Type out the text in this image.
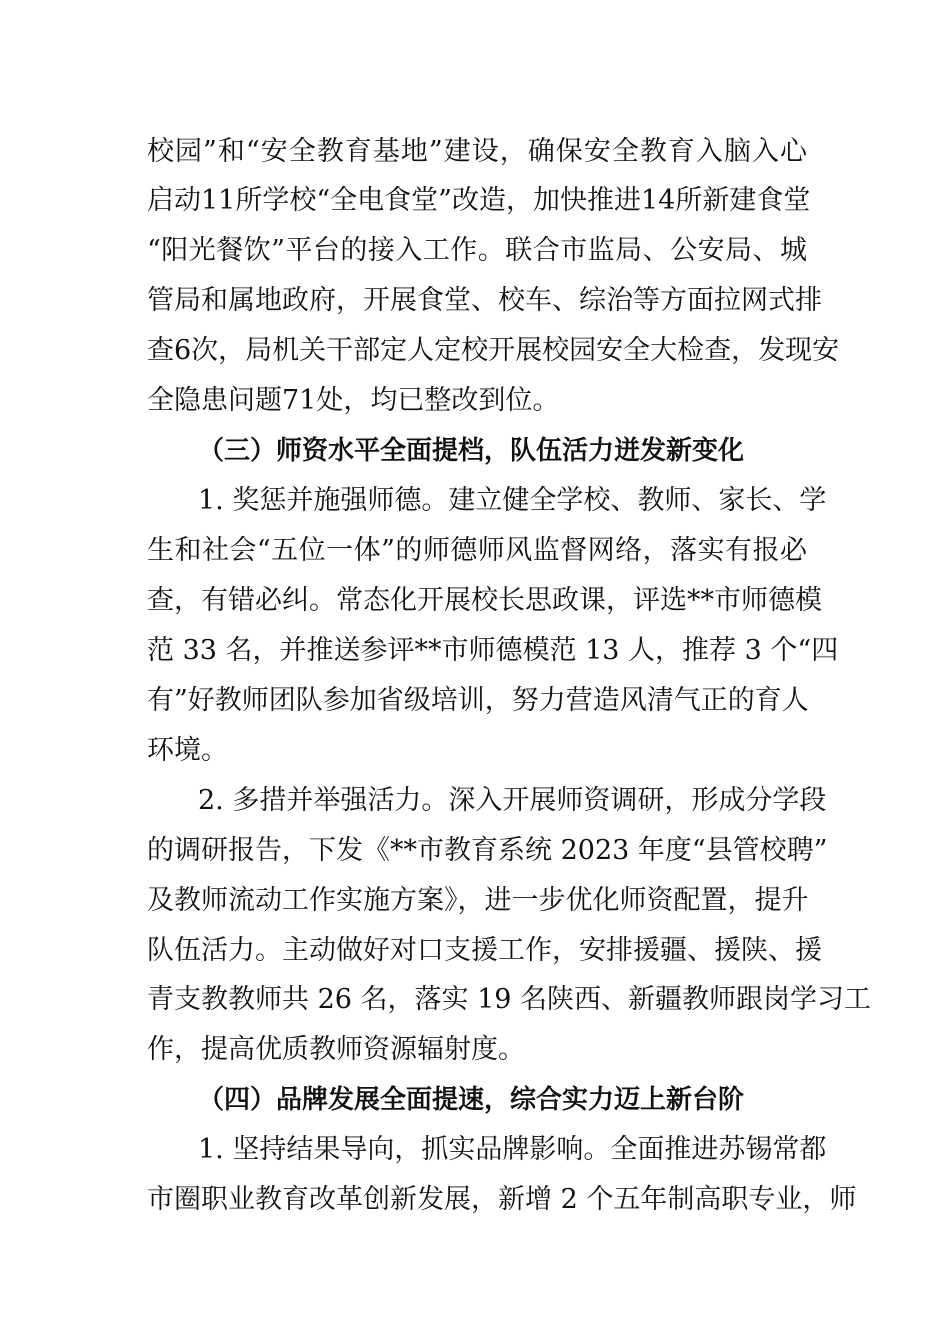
校园”和“安全教育基地”建设，确保安全教育入脑入心
启动11所学校“全电食堂”改造，加快推进14所新建食堂
“阳光餐饮”平台的接入工作。联合市监局、公安局、城
管局和属地政府，开展食堂、校车、综治等方面拉网式排
查6次，局机关干部定人定校开展校园安全大检查，发现安
全隐患问题71处，均已整改到位。
（三）师资水平全面提档，队伍活力迸发新变化
1. 奖惩并施强师德。建立健全学校、教师、家长、学
生和社会“五位一体”的师德师风监督网络，落实有报必
查，有错必纠。常态化开展校长思政课，评选**市师德模
范 33 名，并推送参评**市师德模范 13 人，推荐 3 个“四
有”好教师团队参加省级培训，努力营造风清气正的育人
环境。
2. 多措并举强活力。深入开展师资调研，形成分学段
的调研报告，下发《**市教育系统 2023 年度“县管校聘”
及教师流动工作实施方案》，进一步优化师资配置，提升
队伍活力。主动做好对口支援工作，安排援疆、援陕、援
青支教教师共 26 名，落实 19 名陕西、新疆教师跟岗学习工
作，提高优质教师资源辐射度。
（四）品牌发展全面提速，综合实力迈上新台阶
1. 坚持结果导向，抓实品牌影响。全面推进苏锡常都
市圈职业教育改革创新发展，新增 2 个五年制高职专业，师
